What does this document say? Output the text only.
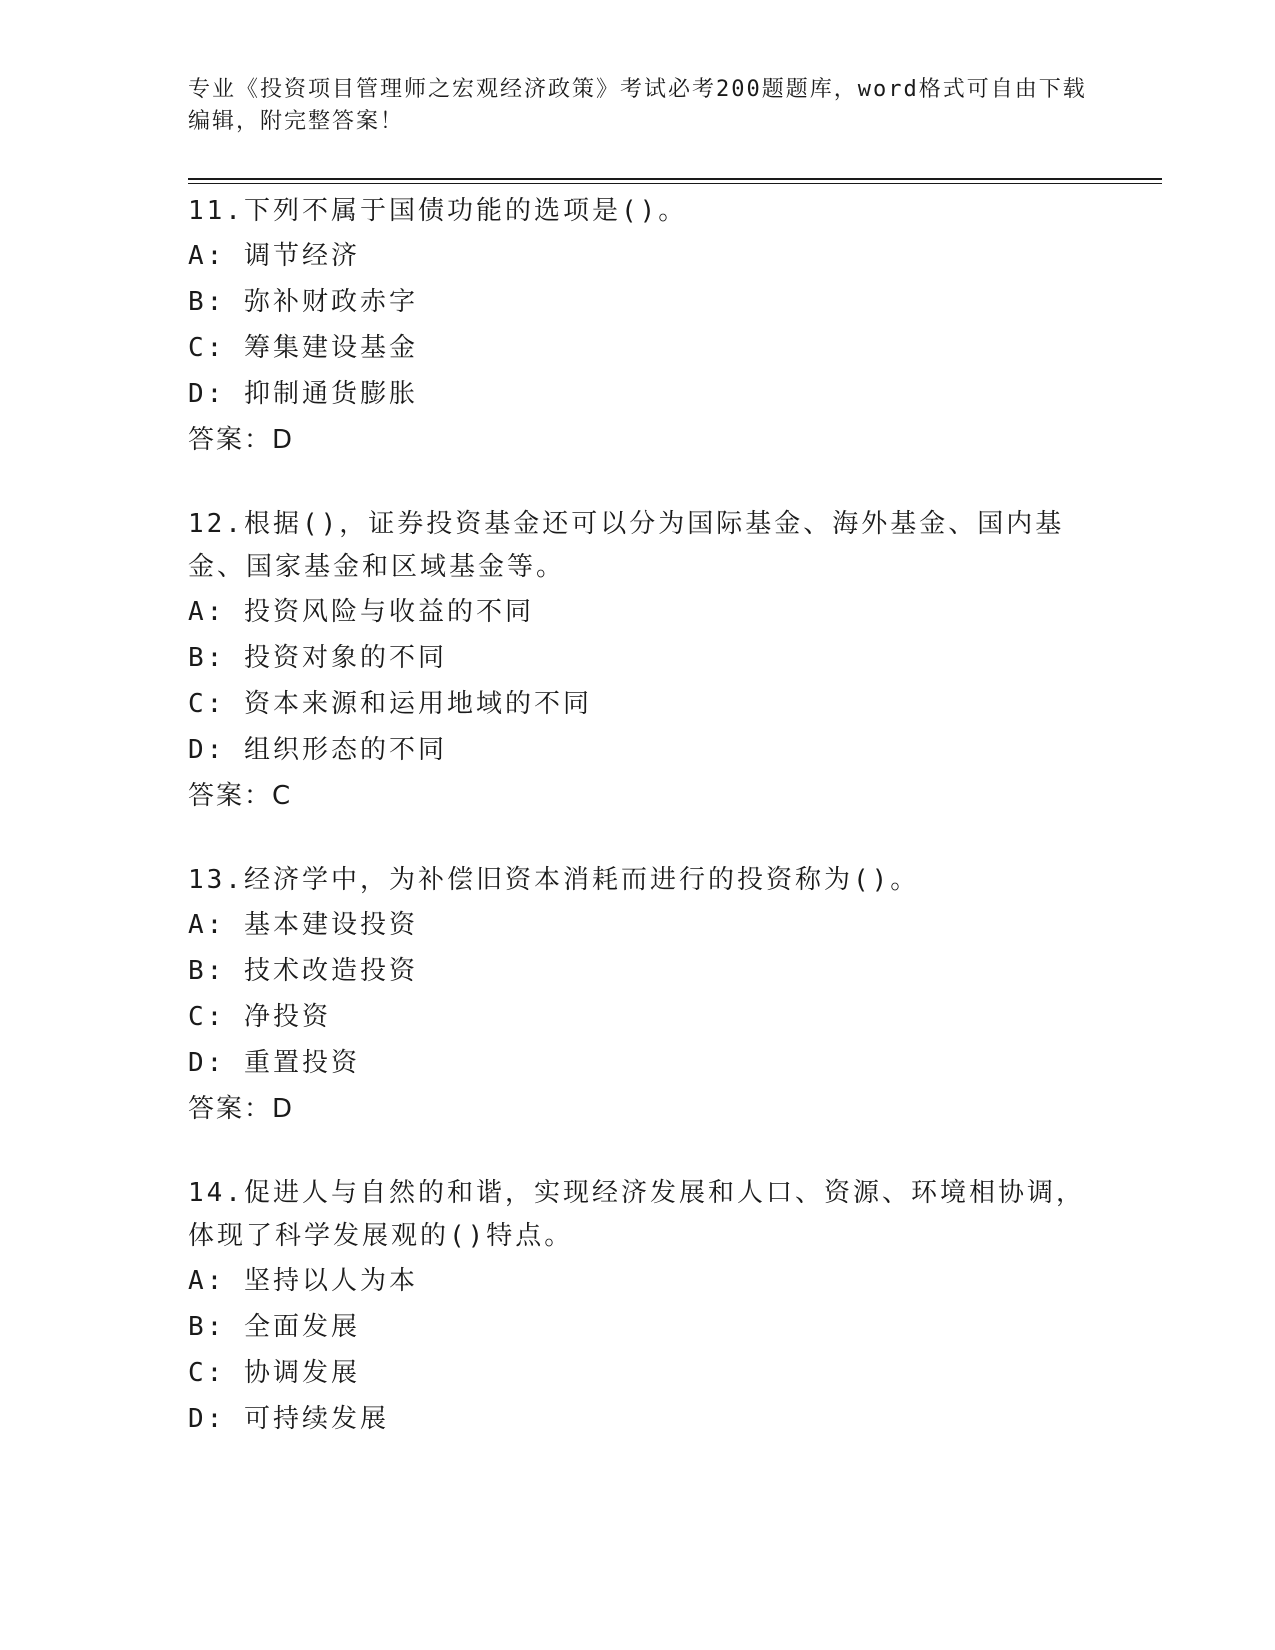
专业《投资项目管理师之宏观经济政策》考试必考200题题库，word格式可自由下载编辑，附完整答案！

11.下列不属于国债功能的选项是()。

A: 调节经济

B: 弥补财政赤字

C: 筹集建设基金

D: 抑制通货膨胀

答案：D

12.根据()，证券投资基金还可以分为国际基金、海外基金、国内基金、国家基金和区域基金等。

A: 投资风险与收益的不同

B: 投资对象的不同

C: 资本来源和运用地域的不同

D: 组织形态的不同

答案：C

13.经济学中，为补偿旧资本消耗而进行的投资称为()。

A: 基本建设投资

B: 技术改造投资

C: 净投资

D: 重置投资

答案：D

14.促进人与自然的和谐，实现经济发展和人口、资源、环境相协调，体现了科学发展观的()特点。

A: 坚持以人为本

B: 全面发展

C: 协调发展

D: 可持续发展
